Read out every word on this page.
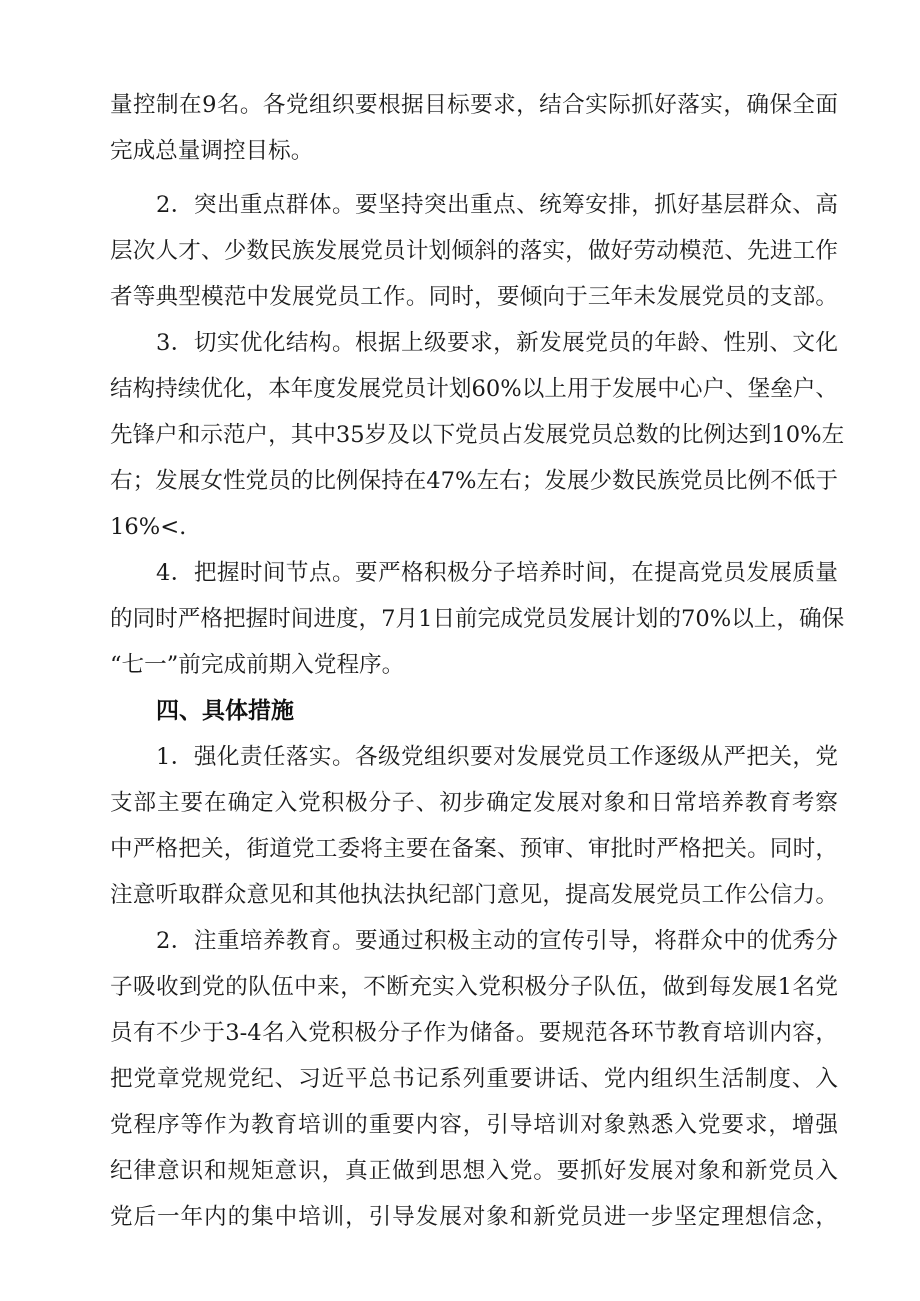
量控制在9名。各党组织要根据目标要求，结合实际抓好落实，确保全面
完成总量调控目标。
2．突出重点群体。要坚持突出重点、统筹安排，抓好基层群众、高
层次人才、少数民族发展党员计划倾斜的落实，做好劳动模范、先进工作
者等典型模范中发展党员工作。同时，要倾向于三年未发展党员的支部。
3．切实优化结构。根据上级要求，新发展党员的年龄、性别、文化
结构持续优化，本年度发展党员计划60%以上用于发展中心户、堡垒户、
先锋户和示范户，其中35岁及以下党员占发展党员总数的比例达到10%左
右；发展女性党员的比例保持在47%左右；发展少数民族党员比例不低于
16%<.
4．把握时间节点。要严格积极分子培养时间，在提高党员发展质量
的同时严格把握时间进度，7月1日前完成党员发展计划的70%以上，确保
“七一”前完成前期入党程序。
四、具体措施
1．强化责任落实。各级党组织要对发展党员工作逐级从严把关，党
支部主要在确定入党积极分子、初步确定发展对象和日常培养教育考察
中严格把关，街道党工委将主要在备案、预审、审批时严格把关。同时，
注意听取群众意见和其他执法执纪部门意见，提高发展党员工作公信力。
2．注重培养教育。要通过积极主动的宣传引导，将群众中的优秀分
子吸收到党的队伍中来，不断充实入党积极分子队伍，做到每发展1名党
员有不少于3-4名入党积极分子作为储备。要规范各环节教育培训内容，
把党章党规党纪、习近平总书记系列重要讲话、党内组织生活制度、入
党程序等作为教育培训的重要内容，引导培训对象熟悉入党要求，增强
纪律意识和规矩意识，真正做到思想入党。要抓好发展对象和新党员入
党后一年内的集中培训，引导发展对象和新党员进一步坚定理想信念，
